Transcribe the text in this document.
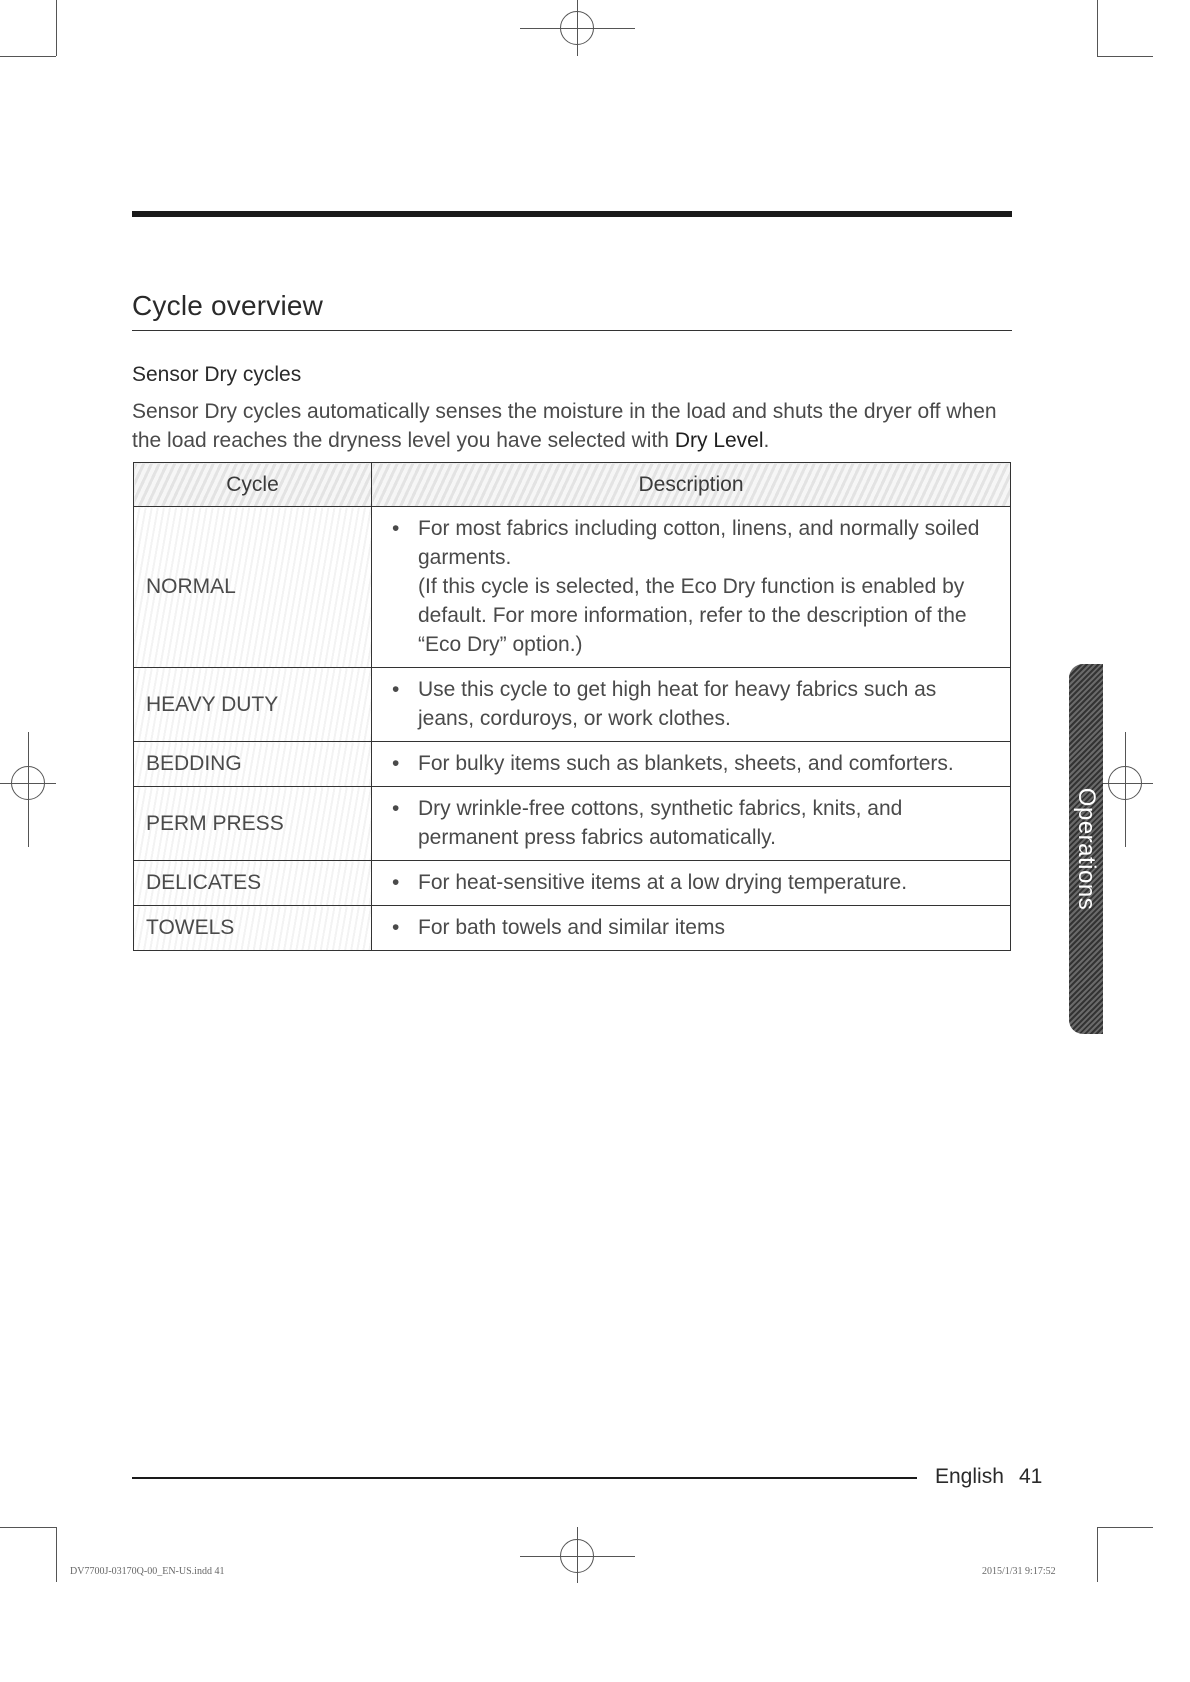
Cycle overview
Sensor Dry cycles
Sensor Dry cycles automatically senses the moisture in the load and shuts the dryer off when the load reaches the dryness level you have selected with Dry Level.
Cycle	Description
NORMAL	• For most fabrics including cotton, linens, and normally soiled garments.
(If this cycle is selected, the Eco Dry function is enabled by default. For more information, refer to the description of the “Eco Dry” option.)

HEAVY DUTY	• Use this cycle to get high heat for heavy fabrics such as jeans, corduroys, or work clothes.

BEDDING	• For bulky items such as blankets, sheets, and comforters.

PERM PRESS	• Dry wrinkle-free cottons, synthetic fabrics, knits, and permanent press fabrics automatically.

DELICATES	• For heat-sensitive items at a low drying temperature.

TOWELS	• For bath towels and similar items
Operations
English 41
DV7700J-03170Q-00_EN-US.indd 41	2015/1/31 9:17:52
